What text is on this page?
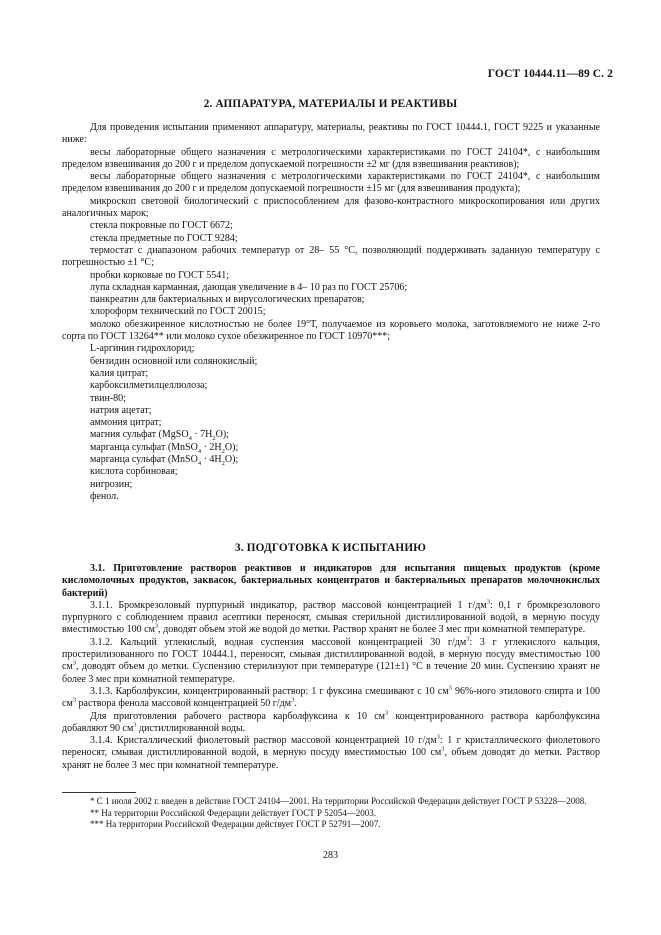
ГОСТ 10444.11—89 С. 2
2. АППАРАТУРА, МАТЕРИАЛЫ И РЕАКТИВЫ

Для проведения испытания применяют аппаратуру, материалы, реактивы по ГОСТ 10444.1, ГОСТ 9225 и указанные ниже:

весы лабораторные общего назначения с метрологическими характеристиками по ГОСТ 24104*, с наибольшим пределом взвешивания до 200 г и пределом допускаемой погрешности ±2 мг (для взвешивания реактивов);

весы лабораторные общего назначения с метрологическими характеристиками по ГОСТ 24104*, с наибольшим пределом взвешивания до 200 г и пределом допускаемой погрешности ±15 мг (для взвешивания продукта);

микроскоп световой биологический с приспособлением для фазово-контрастного микроскопирования или других аналогичных марок;

стекла покровные по ГОСТ 6672;

стекла предметные по ГОСТ 9284;

термостат с диапазоном рабочих температур от 28– 55 °С, позволяющий поддерживать заданную температуру с погрешностью ±1 °С;

пробки корковые по ГОСТ 5541;

лупа складная карманная, дающая увеличение в 4– 10 раз по ГОСТ 25706;

панкреатин для бактериальных и вирусологических препаратов;

хлороформ технический по ГОСТ 20015;

молоко обезжиренное кислотностью не более 19°Т, получаемое из коровьего молока, заготовляемого не ниже 2-го сорта по ГОСТ 13264** или молоко сухое обезжиренное по ГОСТ 10970***;

L-аргинин гидрохлорид;

бензидин основной или солянокислый;

калия цитрат;

карбоксилметилцеллюлоза;

твин-80;

натрия ацетат;

аммония цитрат;

магния сульфат (MgSO$_4$ · $7H_2O$);

марганца сульфат (MnSO$_4$ · $2H_2O$);

марганца сульфат (MnSO$_4$ · $4H_2O$);

кислота сорбиновая;

нигрозин;

фенол.

3. ПОДГОТОВКА К ИСПЫТАНИЮ

3.1. Приготовление растворов реактивов и индикаторов для испытания пищевых продуктов (кроме кисломолочных продуктов, заквасок, бактериальных концентратов и бактериальных препаратов молочнокислых бактерий)

3.1.1. Бромкрезоловый пурпурный индикатор, раствор массовой концентрацией 1 $г/дм^3$: 0,1 г бромкрезолового пурпурного с соблюдением правил асептики переносят, смывая стерильной дистиллированной водой, в мерную посуду вместимостью 100 $см^3$, доводят объем этой же водой до метки. Раствор хранят не более 3 мес при комнатной температуре.

3.1.2. Кальций углекислый, водная суспензия массовой концентрацией 30 $г/дм^3$: 3 г углекислого кальция, простерилизованного по ГОСТ 10444.1, переносят, смывая дистиллированной водой, в мерную посуду вместимостью 100 $см^3$, доводят объем до метки. Суспензию стерилизуют при температуре (121±1) °С в течение 20 мин. Суспензию хранят не более 3 мес при комнатной температуре.

3.1.3. Карболфуксин, концентрированный раствор: 1 г фуксина смешивают с 10 $см^3$ 96%-ного этилового спирта и 100 $см^3$ раствора фенола массовой концентрацией 50 $г/дм^3$.

Для приготовления рабочего раствора карболфуксина к 10 $см^3$ концентрированного раствора карболфуксина добавляют 90 $см^3$ дистиллированной воды.

3.1.4. Кристаллический фиолетовый раствор массовой концентрацией 10 $г/дм^3$: 1 г кристаллического фиолетового переносят, смывая дистиллированной водой, в мерную посуду вместимостью 100 $см^3$, объем доводят до метки. Раствор хранят не более 3 мес при комнатной температуре.

* С 1 июля 2002 г. введен в действие ГОСТ 24104—2001. На территории Российской Федерации действует ГОСТ Р 53228—2008.

** На территории Российской Федерации действует ГОСТ Р 52054—2003.

*** На территории Российской Федерации действует ГОСТ Р 52791—2007.

283
